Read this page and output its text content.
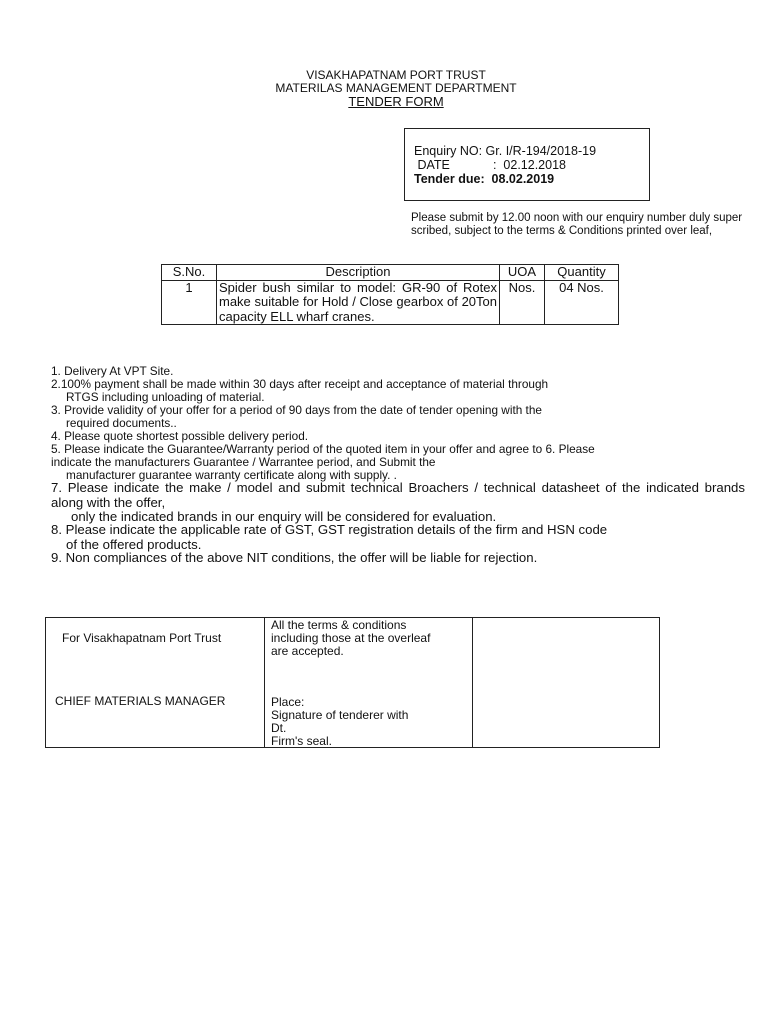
VISAKHAPATNAM PORT TRUST
MATERILAS MANAGEMENT DEPARTMENT
TENDER FORM
Enquiry NO: Gr. I/R-194/2018-19
DATE	:  02.12.2018
Tender due:  08.02.2019
Please submit by 12.00 noon with our enquiry number duly super scribed, subject to the terms & Conditions printed over leaf,
S.No.	Description	UOA	Quantity
1	Spider bush similar to model: GR-90 of Rotex make suitable for Hold / Close gearbox of 20Ton capacity ELL wharf cranes.	Nos.	04 Nos.
1. Delivery At VPT Site.
2.100% payment shall be made within 30 days after receipt and acceptance of material through
RTGS including unloading of material.
3. Provide validity of your offer for a period of 90 days from the date of tender opening with the
required documents..
4. Please quote shortest possible delivery period.
5. Please indicate the Guarantee/Warranty period of the quoted item in your offer and agree to 6. Please
indicate the manufacturers Guarantee / Warrantee period, and Submit the
manufacturer guarantee warranty certificate along with supply. .
7. Please indicate the make / model and submit technical Broachers / technical datasheet of the indicated brands along with the offer,
only the indicated brands in our enquiry will be considered for evaluation.
8. Please indicate the applicable rate of GST, GST registration details of the firm and HSN code
of the offered products.
9. Non compliances of the above NIT conditions, the offer will be liable for rejection.
For Visakhapatnam Port Trust
CHIEF MATERIALS MANAGER
All the terms & conditions
including those at the overleaf
are accepted.
Place:
Signature of tenderer with
Dt.
Firm's seal.
